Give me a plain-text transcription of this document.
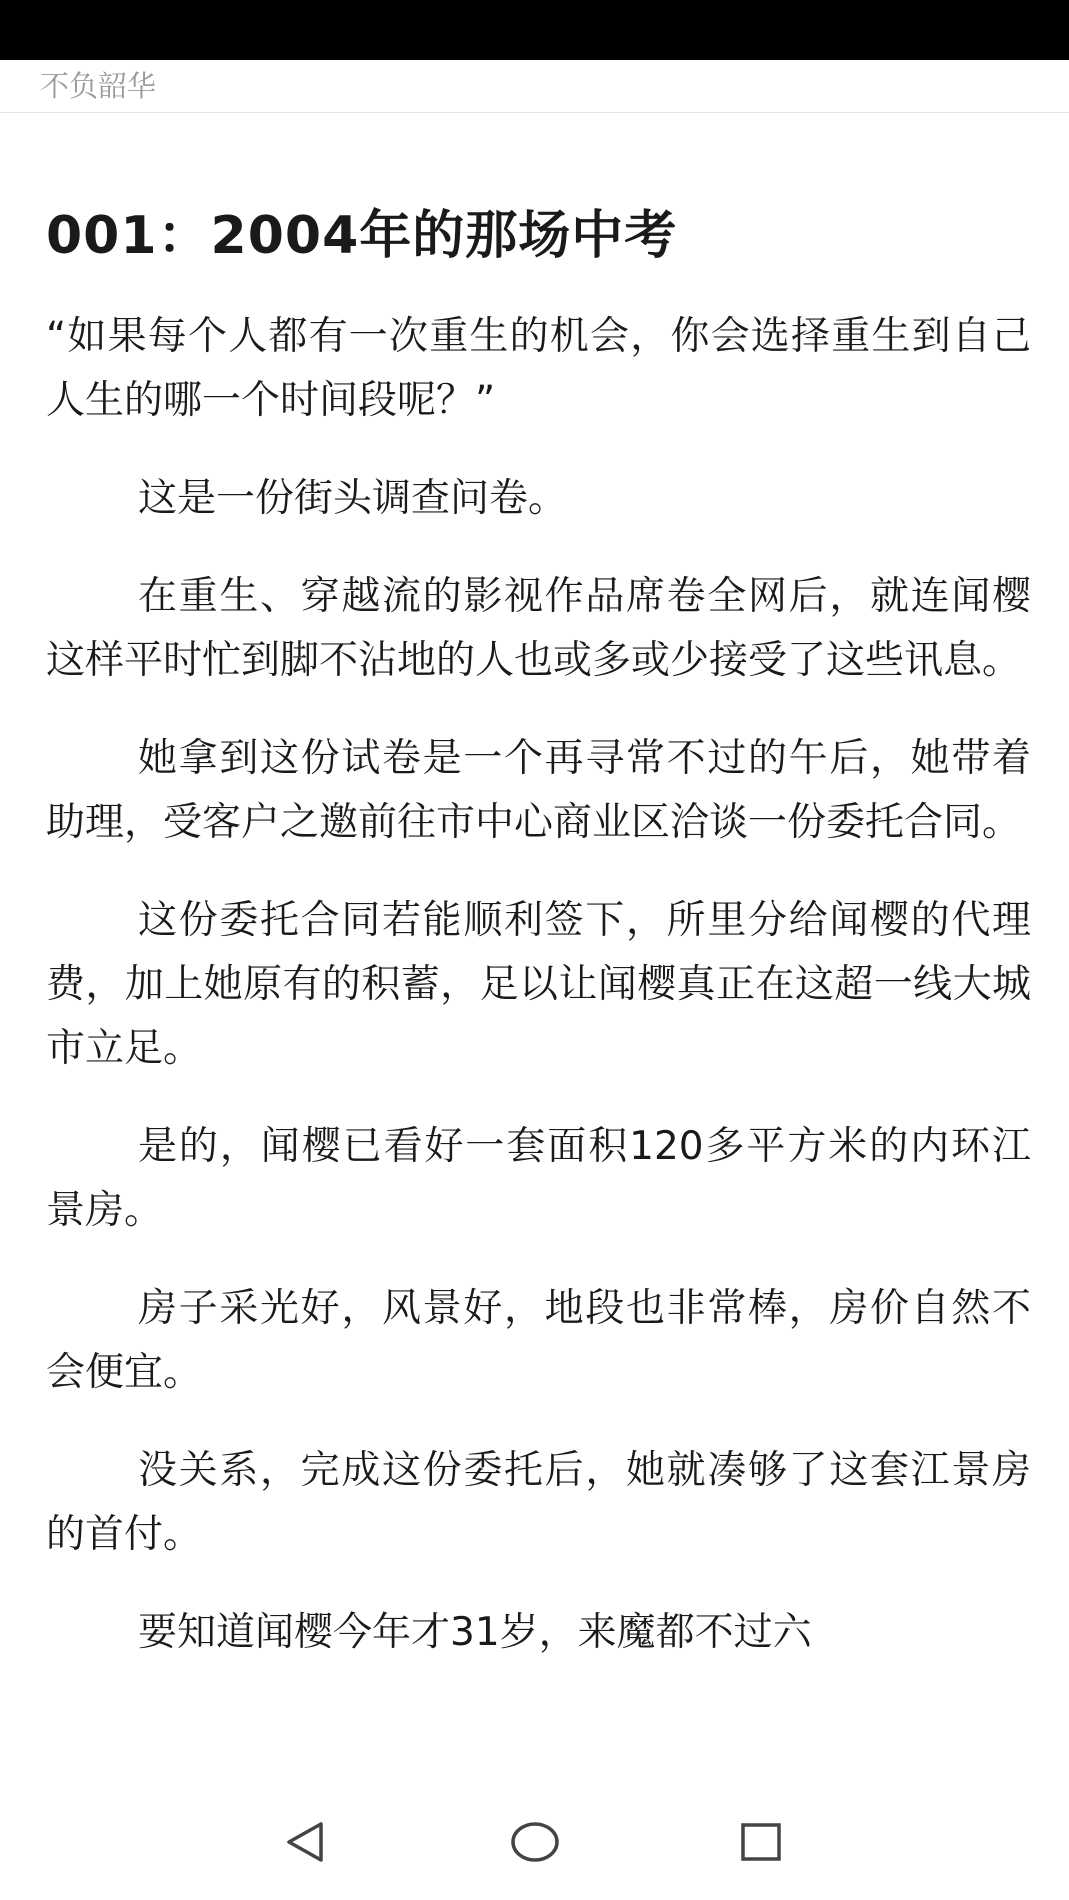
不负韶华
001：2004年的那场中考

“如果每个人都有一次重生的机会，你会选择重生到自己人生的哪一个时间段呢？”

这是一份街头调查问卷。

在重生、穿越流的影视作品席卷全网后，就连闻樱这样平时忙到脚不沾地的人也或多或少接受了这些讯息。

她拿到这份试卷是一个再寻常不过的午后，她带着助理，受客户之邀前往市中心商业区洽谈一份委托合同。

这份委托合同若能顺利签下，所里分给闻樱的代理费，加上她原有的积蓄，足以让闻樱真正在这超一线大城市立足。

是的，闻樱已看好一套面积120多平方米的内环江景房。

房子采光好，风景好，地段也非常棒，房价自然不会便宜。

没关系，完成这份委托后，她就凑够了这套江景房的首付。

要知道闻樱今年才31岁，来魔都不过六
